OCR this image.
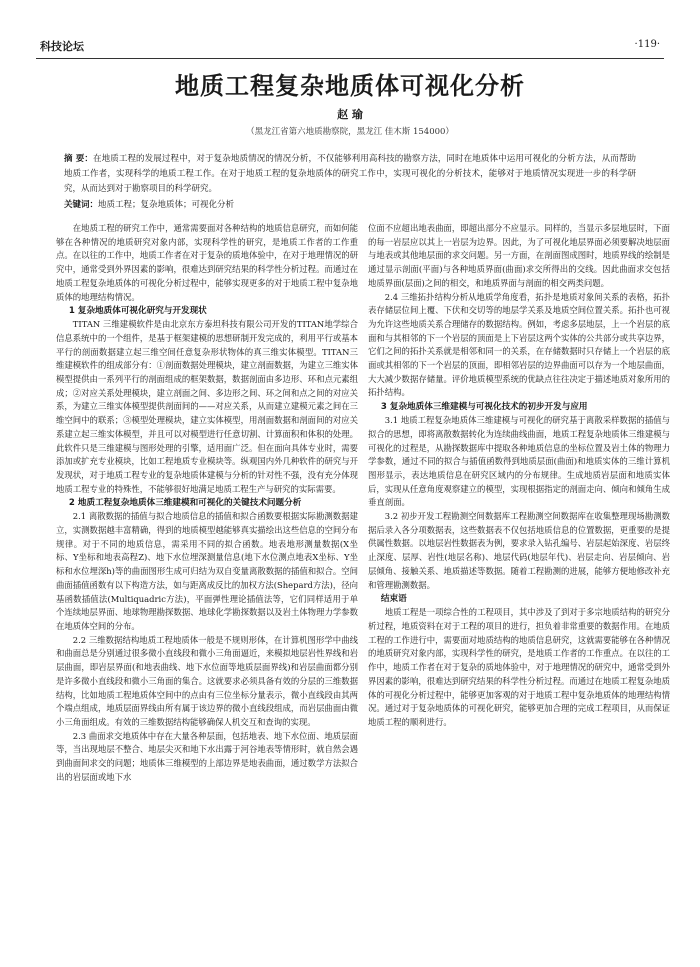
科技论坛	·119·
地质工程复杂地质体可视化分析
赵 瑜
（黑龙江省第六地质勘察院，黑龙江 佳木斯 154000）
摘 要：在地质工程的发展过程中，对于复杂地质情况的情况分析，不仅能够利用高科技的勘察方法，同时在地质体中运用可视化的分析方法，从而帮助地质工作者，实现科学的地质工程工作。在对于地质工程的复杂地质体的研究工作中，实现可视化的分析技术，能够对于地质情况实现进一步的科学研究，从而达到对于勘察项目的科学研究。
关键词：地质工程；复杂地质体；可视化分析

在地质工程的研究工作中，通常需要面对各种结构的地质信息研究，而如何能够在各种情况的地质研究对象内部，实现科学性的研究，是地质工作者的工作重点。在以往的工作中，地质工作者在对于复杂的质地体验中，在对于地理情况的研究中，通常受到外界因素的影响，很难达到研究结果的科学性分析过程。而通过在地质工程复杂地质体的可视化分析过程中，能够实现更多的对于地质工程中复杂地质体的地理结构情况。

1 复杂地质体可视化研究与开发现状

TITAN 三维建模软件是由北京东方泰坦科技有限公司开发的TITAN地学综合信息系统中的一个组件，是基于框架建模的思想研制开发完成的，利用平行或基本平行的剖面数据建立起三维空间任意复杂形状物体的真三维实体模型。TITAN三维建模软件的组成部分有：①剖面数据处理模块，建立剖面数据，为建立三维实体模型提供由一系列平行的剖面组成的框架数据，数据剖面由多边形、环和点元素组成；②对应关系处理模块，建立剖面之间、多边形之间、环之间和点之间的对应关系，为建立三维实体模型提供剖面间的——对应关系，从而建立建模元素之间在三维空间中的联系；③模型处理模块，建立实体模型，用剖面数据和剖面间的对应关系建立起三维实体模型，并且可以对模型进行任意切割、计算面积和体积的处理。此软件只是三维建模与图形处理的引擎，适用面广泛。但在面向具体专业时，需要添加或扩充专业模块，比如工程地质专业模块等。纵观国内外几种软件的研究与开发现状，对于地质工程专业的复杂地质体建模与分析的针对性不强，没有充分体现地质工程专业的特殊性，不能够很好地满足地质工程生产与研究的实际需要。

2 地质工程复杂地质体三维建模和可视化的关键技术问题分析

2.1 离散数据的插值与拟合地质信息的插值和拟合函数要根据实际勘测数据建立，实测数据越丰富精确，得到的地质模型越能够真实描绘出这些信息的空间分布规律。对于不同的地质信息，需采用不同的拟合函数。地表地形测量数据(X坐标、Y坐标和地表高程Z)、地下水位埋深测量信息(地下水位测点地表X坐标、Y坐标和水位埋深h)等的曲面图形生成可归结为双自变量离散数据的插值和拟合。空间曲面插值函数有以下构造方法，如与距离成反比的加权方法(Shepard方法)，径向基函数插值法(Multiquadric方法)，平面弹性理论插值法等，它们同样适用于单个连续地层界面、地球物理勘探数据、地球化学勘探数据以及岩土体物理力学参数在地质体空间的分布。

2.2 三维数据结构地质工程地质体一般是不规则形体，在计算机图形学中曲线和曲面总是分别通过很多微小直线段和微小三角面逼近，来模拟地层岩性界线和岩层曲面，即岩层界面(和地表曲线、地下水位面等地质层面界线)和岩层曲面都分别是许多微小直线段和微小三角面的集合。这就要求必须具备有效的分层的三维数据结构，比如地质工程地质体空间中的点由有三位坐标分量表示，微小直线段由其两个端点组成，地质层面界线由所有属于该边界的微小直线段组成，而岩层曲面由微小三角面组成。有效的三维数据结构能够确保人机交互和查询的实现。

2.3 曲面求交地质体中存在大量各种层面，包括地表、地下水位面、地质层面等，当出现地层不整合、地层尖灭和地下水出露于河谷地表等情形时，就自然会遇到曲面间求交的问题；地质体三维模型的上部边界是地表曲面，通过数学方法拟合出的岩层面或地下水

位面不应超出地表曲面，即超出部分不应显示。同样的，当显示多层地层时，下面的每一岩层应以其上一岩层为边界。因此，为了可视化地层界面必须要解决地层面与地表或其他地层面的求交问题。另一方面，在剖面图成图时，地质界线的绘制是通过显示剖面(平面)与各种地质界面(曲面)求交所得出的交线。因此曲面求交包括地质界面(层面)之间的相交，和地质界面与剖面的相交两类问题。

2.4 三维拓扑结构分析从地质学角度看，拓扑是地质对象间关系的表格，拓扑表存储层位间上覆、下伏和交切等的地层学关系及地质空间位置关系。拓扑也可视为允许这些地质关系合理储存的数据结构。例如，考虑多层地层，上一个岩层的底面和与其相邻的下一个岩层的顶面是上下岩层这两个实体的公共部分或共享边界，它们之间的拓扑关系就是相邻和同一的关系，在存储数据时只存储上一个岩层的底面或其相邻的下一个岩层的顶面，即相邻岩层的边界曲面可以存为一个地层曲面，大大减少数据存储量。评价地质模型系统的优缺点往往决定于描述地质对象所用的拓扑结构。

3 复杂地质体三维建模与可视化技术的初步开发与应用

3.1 地质工程复杂地质体三维建模与可视化的研究基于离散采样数据的插值与拟合的思想，即将离散数据转化为连续曲线曲面，地质工程复杂地质体三维建模与可视化的过程是，从勘探数据库中提取各种地质信息的坐标位置及岩土体的物理力学参数，通过不同的拟合与插值函数得到地质层面(曲面)和地质实体的三维计算机图形显示，表达地质信息在研究区域内的分布规律。生成地质岩层面和地质实体后，实现从任意角度观察建立的模型，实现根据指定的剖面走向、倾向和倾角生成垂直剖面。

3.2 初步开发工程勘测空间数据库工程勘测空间数据库在收集整理现场勘测数据后录入各分项数据表，这些数据表不仅包括地质信息的位置数据，更重要的是提供属性数据。以地层岩性数据表为例，要求录入钻孔编号、岩层起始深度、岩层终止深度、层厚、岩性(地层名称)、地层代码(地层年代)、岩层走向、岩层倾向、岩层倾角、接触关系、地质描述等数据。随着工程勘测的进展，能够方便地修改补充和管理勘测数据。

结束语

地质工程是一项综合性的工程项目，其中涉及了到对于多宗地质结构的研究分析过程，地质资料在对于工程的项目的进行，担负着非常重要的数据作用。在地质工程的工作进行中，需要面对地质结构的地质信息研究，这就需要能够在各种情况的地质研究对象内部，实现科学性的研究，是地质工作者的工作重点。在以往的工作中，地质工作者在对于复杂的质地体验中，对于地理情况的研究中，通常受到外界因素的影响，很难达到研究结果的科学性分析过程。而通过在地质工程复杂地质体的可视化分析过程中，能够更加客观的对于地质工程中复杂地质体的地理结构情况。通过对于复杂地质体的可视化研究，能够更加合理的完成工程项目，从而保证地质工程的顺利进行。
